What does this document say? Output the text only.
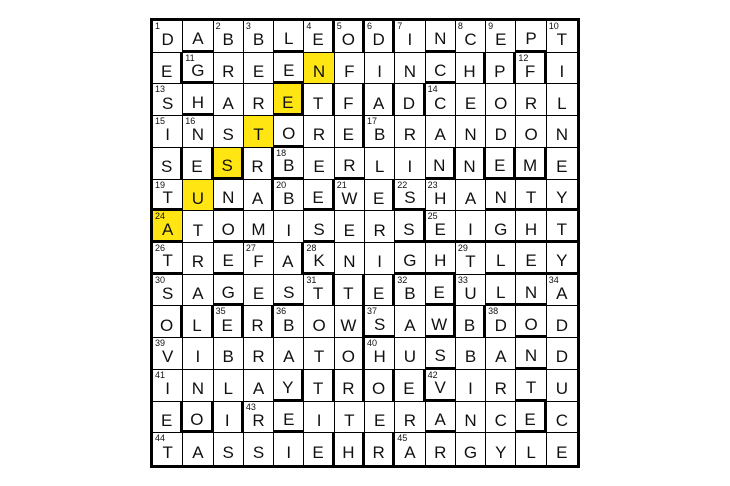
1
D A
2
B
3
B L
4
E
5
O
6
D
7
I N
8
C
9
E P
10
T
E
11
G R E E N F I N C H P
12
F I
13
S H A R E T F A D
14
C E O R L
15
I
16
N S T O R E
17
B R A N D O N
S E S R
18
B E R L I N N E M E
19
T U N A
20
B E
21
W E
22
S
23
H A N T Y
24
A T O M I S E R S
25
E I G H T
26
T R E
27
F A
28
K N I G H
29
T L E Y
30
S A G E S
31
T T E
32
B E
33
U L N
34
A
O L
35
E R
36
B O W
37
S A W B
38
D O D
39
V I B R A T O
40
H U S B A N D
41
I N L A Y T R O E
42
V I R T U
E O I
43
R E I T E R A N C E C
44
T A S S I E H R
45
A R G Y L E
